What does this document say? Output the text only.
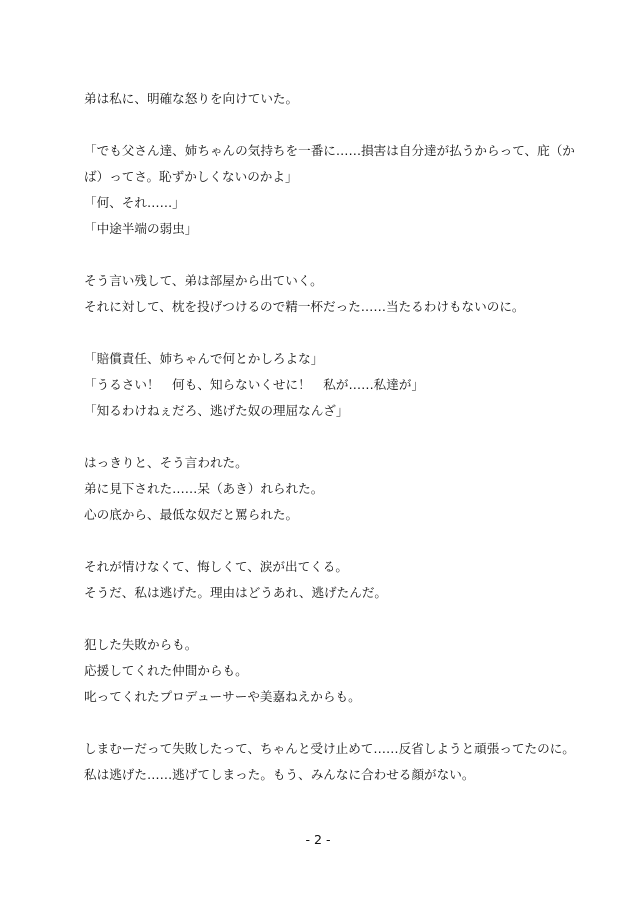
弟は私に、明確な怒りを向けていた。
「でも父さん達、姉ちゃんの気持ちを一番に……損害は自分達が払うからって、庇（か
ば）ってさ。恥ずかしくないのかよ」
「何、それ……」
「中途半端の弱虫」
そう言い残して、弟は部屋から出ていく。
それに対して、枕を投げつけるので精一杯だった……当たるわけもないのに。
「賠償責任、姉ちゃんで何とかしろよな」
「うるさい！　何も、知らないくせに！　私が……私達が」
「知るわけねぇだろ、逃げた奴の理屈なんざ」
はっきりと、そう言われた。
弟に見下された……呆（あき）れられた。
心の底から、最低な奴だと罵られた。
それが情けなくて、悔しくて、涙が出てくる。
そうだ、私は逃げた。理由はどうあれ、逃げたんだ。
犯した失敗からも。
応援してくれた仲間からも。
叱ってくれたプロデューサーや美嘉ねえからも。
しまむーだって失敗したって、ちゃんと受け止めて……反省しようと頑張ってたのに。
私は逃げた……逃げてしまった。もう、みんなに合わせる顔がない。
- 2 -
